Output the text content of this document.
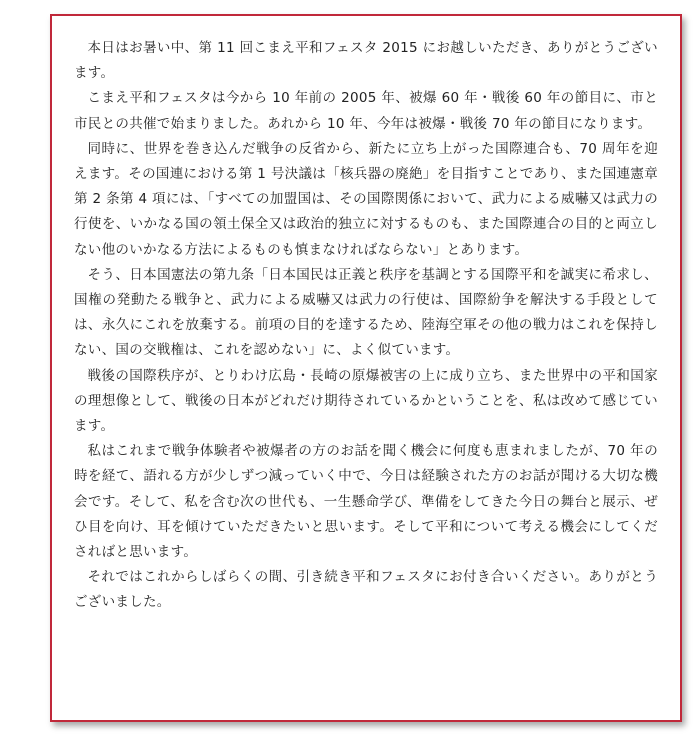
本日はお暑い中、第 11 回こまえ平和フェスタ 2015 にお越しいただき、ありがとうございます。

こまえ平和フェスタは今から 10 年前の 2005 年、被爆 60 年・戦後 60 年の節目に、市と市民との共催で始まりました。あれから 10 年、今年は被爆・戦後 70 年の節目になります。

同時に、世界を巻き込んだ戦争の反省から、新たに立ち上がった国際連合も、70 周年を迎えます。その国連における第 1 号決議は「核兵器の廃絶」を目指すことであり、また国連憲章第 2 条第 4 項には、「すべての加盟国は、その国際関係において、武力による威嚇又は武力の行使を、いかなる国の領土保全又は政治的独立に対するものも、また国際連合の目的と両立しない他のいかなる方法によるものも慎まなければならない」とあります。

そう、日本国憲法の第九条「日本国民は正義と秩序を基調とする国際平和を誠実に希求し、国権の発動たる戦争と、武力による威嚇又は武力の行使は、国際紛争を解決する手段としては、永久にこれを放棄する。前項の目的を達するため、陸海空軍その他の戦力はこれを保持しない、国の交戦権は、これを認めない」に、よく似ています。

戦後の国際秩序が、とりわけ広島・長崎の原爆被害の上に成り立ち、また世界中の平和国家の理想像として、戦後の日本がどれだけ期待されているかということを、私は改めて感じています。

私はこれまで戦争体験者や被爆者の方のお話を聞く機会に何度も恵まれましたが、70 年の時を経て、語れる方が少しずつ減っていく中で、今日は経験された方のお話が聞ける大切な機会です。そして、私を含む次の世代も、一生懸命学び、準備をしてきた今日の舞台と展示、ぜひ目を向け、耳を傾けていただきたいと思います。そして平和について考える機会にしてくださればと思います。

それではこれからしばらくの間、引き続き平和フェスタにお付き合いください。ありがとうございました。
